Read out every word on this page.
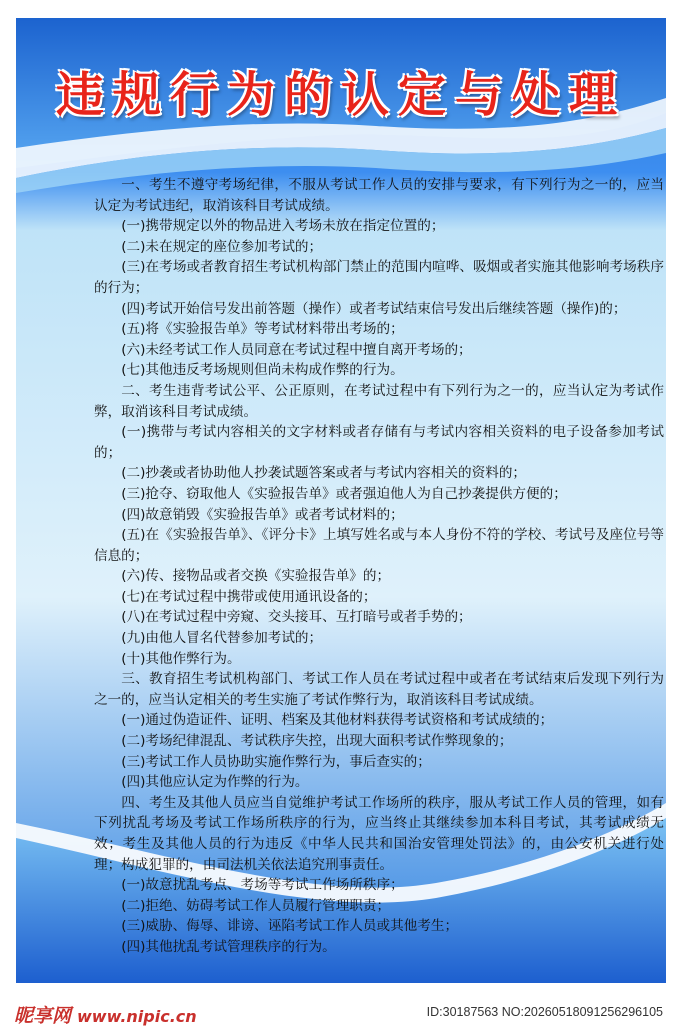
违规行为的认定与处理

一、考生不遵守考场纪律，不服从考试工作人员的安排与要求，有下列行为之一的，应当认定为考试违纪，取消该科目考试成绩。

(一)携带规定以外的物品进入考场未放在指定位置的；

(二)未在规定的座位参加考试的；

(三)在考场或者教育招生考试机构部门禁止的范围内喧哗、吸烟或者实施其他影响考场秩序的行为；

(四)考试开始信号发出前答题（操作）或者考试结束信号发出后继续答题（操作)的；

(五)将《实验报告单》等考试材料带出考场的；

(六)未经考试工作人员同意在考试过程中擅自离开考场的；

(七)其他违反考场规则但尚未构成作弊的行为。

二、考生违背考试公平、公正原则，在考试过程中有下列行为之一的，应当认定为考试作弊，取消该科目考试成绩。

(一)携带与考试内容相关的文字材料或者存储有与考试内容相关资料的电子设备参加考试的；

(二)抄袭或者协助他人抄袭试题答案或者与考试内容相关的资料的；

(三)抢夺、窃取他人《实验报告单》或者强迫他人为自己抄袭提供方便的；

(四)故意销毁《实验报告单》或者考试材料的；

(五)在《实验报告单》、《评分卡》上填写姓名或与本人身份不符的学校、考试号及座位号等信息的；

(六)传、接物品或者交换《实验报告单》的；

(七)在考试过程中携带或使用通讯设备的；

(八)在考试过程中旁窥、交头接耳、互打暗号或者手势的；

(九)由他人冒名代替参加考试的；

(十)其他作弊行为。

三、教育招生考试机构部门、考试工作人员在考试过程中或者在考试结束后发现下列行为之一的，应当认定相关的考生实施了考试作弊行为，取消该科目考试成绩。

(一)通过伪造证件、证明、档案及其他材料获得考试资格和考试成绩的；

(二)考场纪律混乱、考试秩序失控，出现大面积考试作弊现象的；

(三)考试工作人员协助实施作弊行为，事后查实的；

(四)其他应认定为作弊的行为。

四、考生及其他人员应当自觉维护考试工作场所的秩序，服从考试工作人员的管理，如有下列扰乱考场及考试工作场所秩序的行为，应当终止其继续参加本科目考试，其考试成绩无效；考生及其他人员的行为违反《中华人民共和国治安管理处罚法》的，由公安机关进行处理；构成犯罪的，由司法机关依法追究刑事责任。

(一)故意扰乱考点、考场等考试工作场所秩序；

(二)拒绝、妨碍考试工作人员履行管理职责；

(三)威胁、侮辱、诽谤、诬陷考试工作人员或其他考生；

(四)其他扰乱考试管理秩序的行为。

昵享网 www.nipic.cn	ID:30187563 NO:20260518091256296105
